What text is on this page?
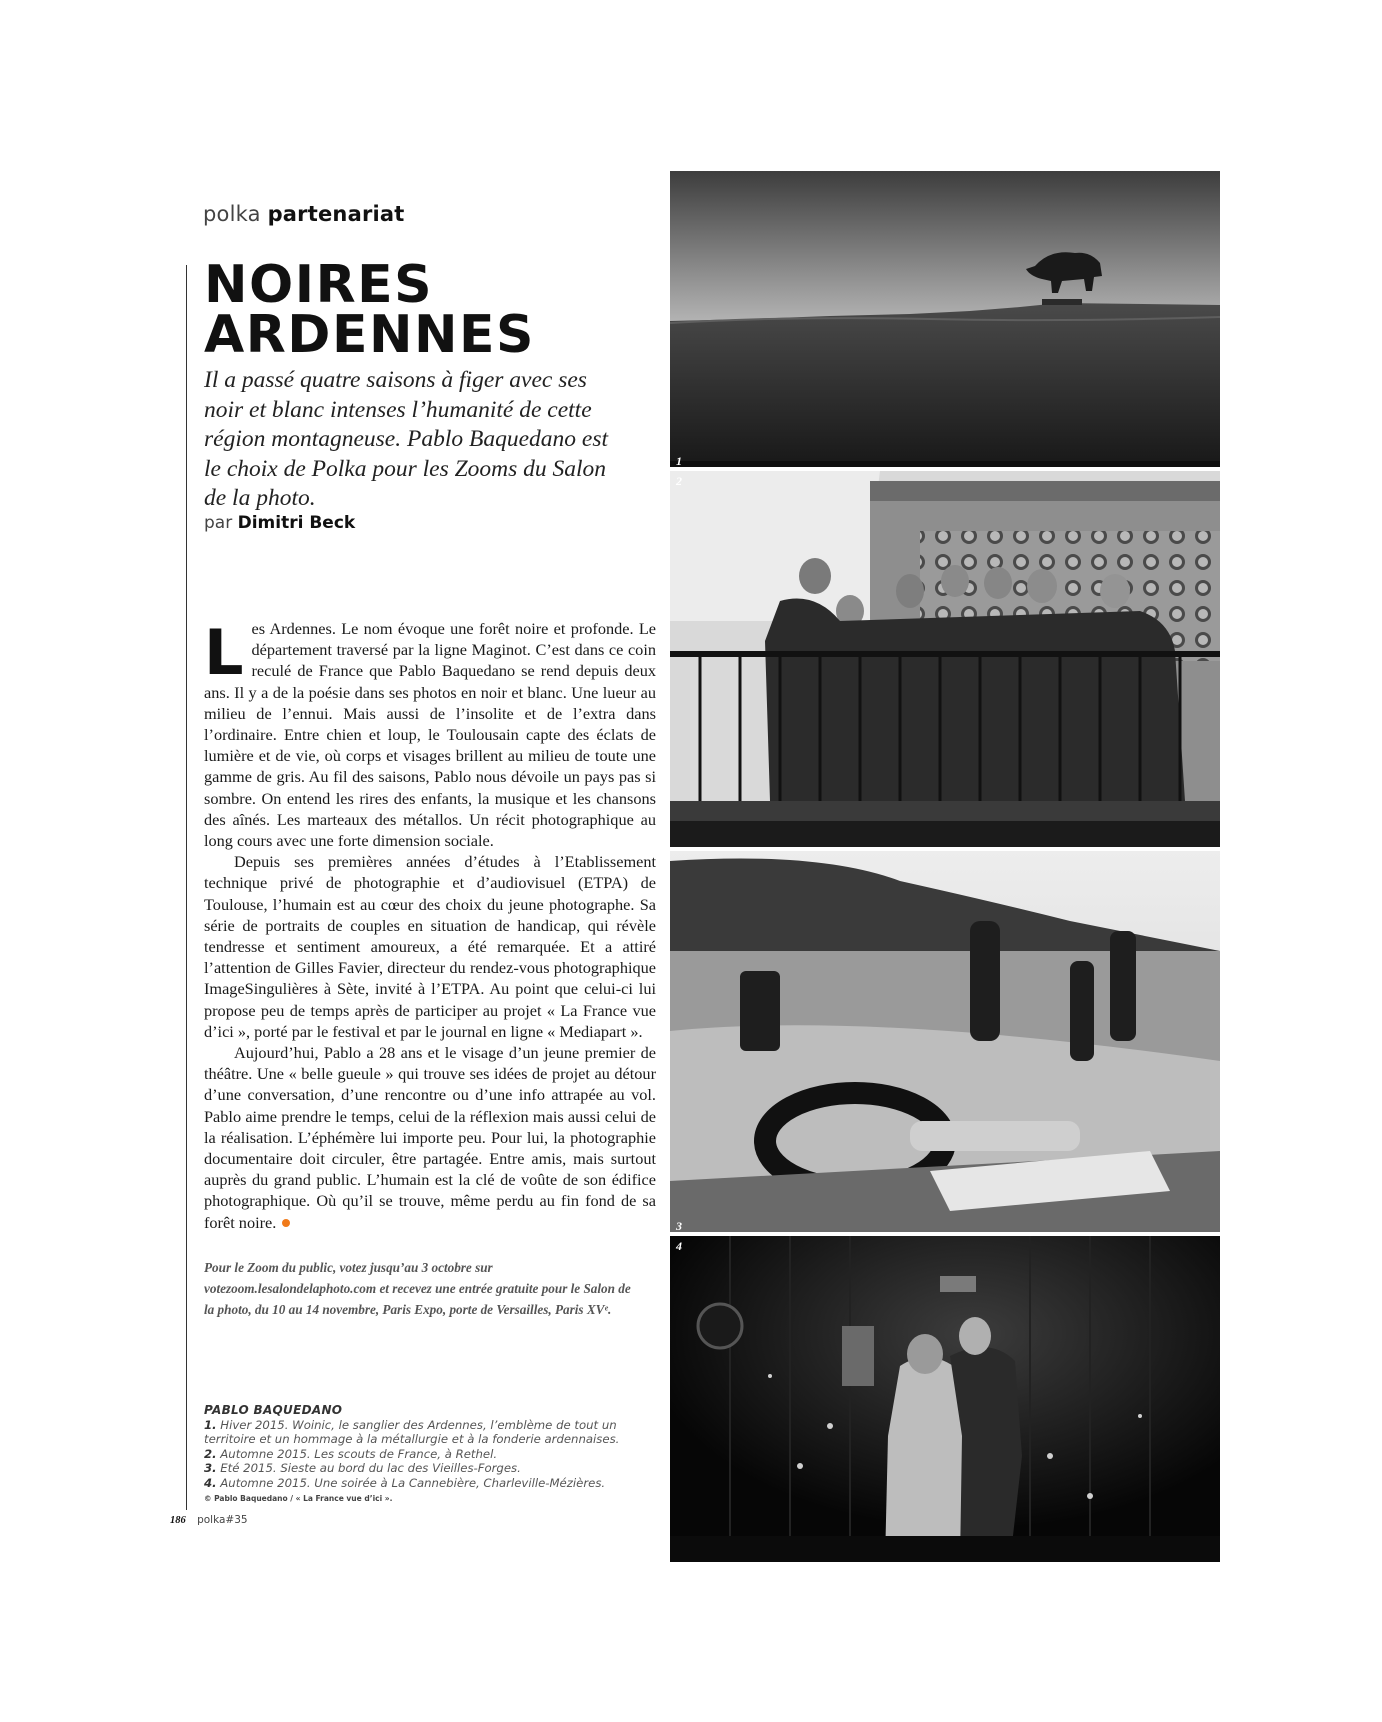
polka partenariat
NOIRES
ARDENNES

Il a passé quatre saisons à figer avec ses noir et blanc intenses l’humanité de cette région montagneuse. Pablo Baquedano est le choix de Polka pour les Zooms du Salon de la photo.

par Dimitri Beck

Les Ardennes. Le nom évoque une forêt noire et profonde. Le département traversé par la ligne Maginot. C’est dans ce coin reculé de France que Pablo Baquedano se rend depuis deux ans. Il y a de la poésie dans ses photos en noir et blanc. Une lueur au milieu de l’ennui. Mais aussi de l’insolite et de l’extra dans l’ordinaire. Entre chien et loup, le Toulousain capte des éclats de lumière et de vie, où corps et visages brillent au milieu de toute une gamme de gris. Au fil des saisons, Pablo nous dévoile un pays pas si sombre. On entend les rires des enfants, la musique et les chansons des aînés. Les marteaux des métallos. Un récit photographique au long cours avec une forte dimension sociale.

Depuis ses premières années d’études à l’Etablissement technique privé de photographie et d’audiovisuel (ETPA) de Toulouse, l’humain est au cœur des choix du jeune photographe. Sa série de portraits de couples en situation de handicap, qui révèle tendresse et sentiment amoureux, a été remarquée. Et a attiré l’attention de Gilles Favier, directeur du rendez-vous photographique ImageSingulières à Sète, invité à l’ETPA. Au point que celui-ci lui propose peu de temps après de participer au projet « La France vue d’ici », porté par le festival et par le journal en ligne « Mediapart ».

Aujourd’hui, Pablo a 28 ans et le visage d’un jeune premier de théâtre. Une « belle gueule » qui trouve ses idées de projet au détour d’une conversation, d’une rencontre ou d’une info attrapée au vol. Pablo aime prendre le temps, celui de la réflexion mais aussi celui de la réalisation. L’éphémère lui importe peu. Pour lui, la photographie documentaire doit circuler, être partagée. Entre amis, mais surtout auprès du grand public. L’humain est la clé de voûte de son édifice photographique. Où qu’il se trouve, même perdu au fin fond de sa forêt noire.

Pour le Zoom du public, votez jusqu’au 3 octobre sur votezoom.lesalondelaphoto.com et recevez une entrée gratuite pour le Salon de la photo, du 10 au 14 novembre, Paris Expo, porte de Versailles, Paris XVᵉ.
PABLO BAQUEDANO
1. Hiver 2015. Woinic, le sanglier des Ardennes, l’emblème de tout un territoire et un hommage à la métallurgie et à la fonderie ardennaises.
2. Automne 2015. Les scouts de France, à Rethel.
3. Eté 2015. Sieste au bord du lac des Vieilles-Forges.
4. Automne 2015. Une soirée à La Cannebière, Charleville-Mézières.
© Pablo Baquedano / « La France vue d’ici ».
186 polka#35
1
2
3
4
